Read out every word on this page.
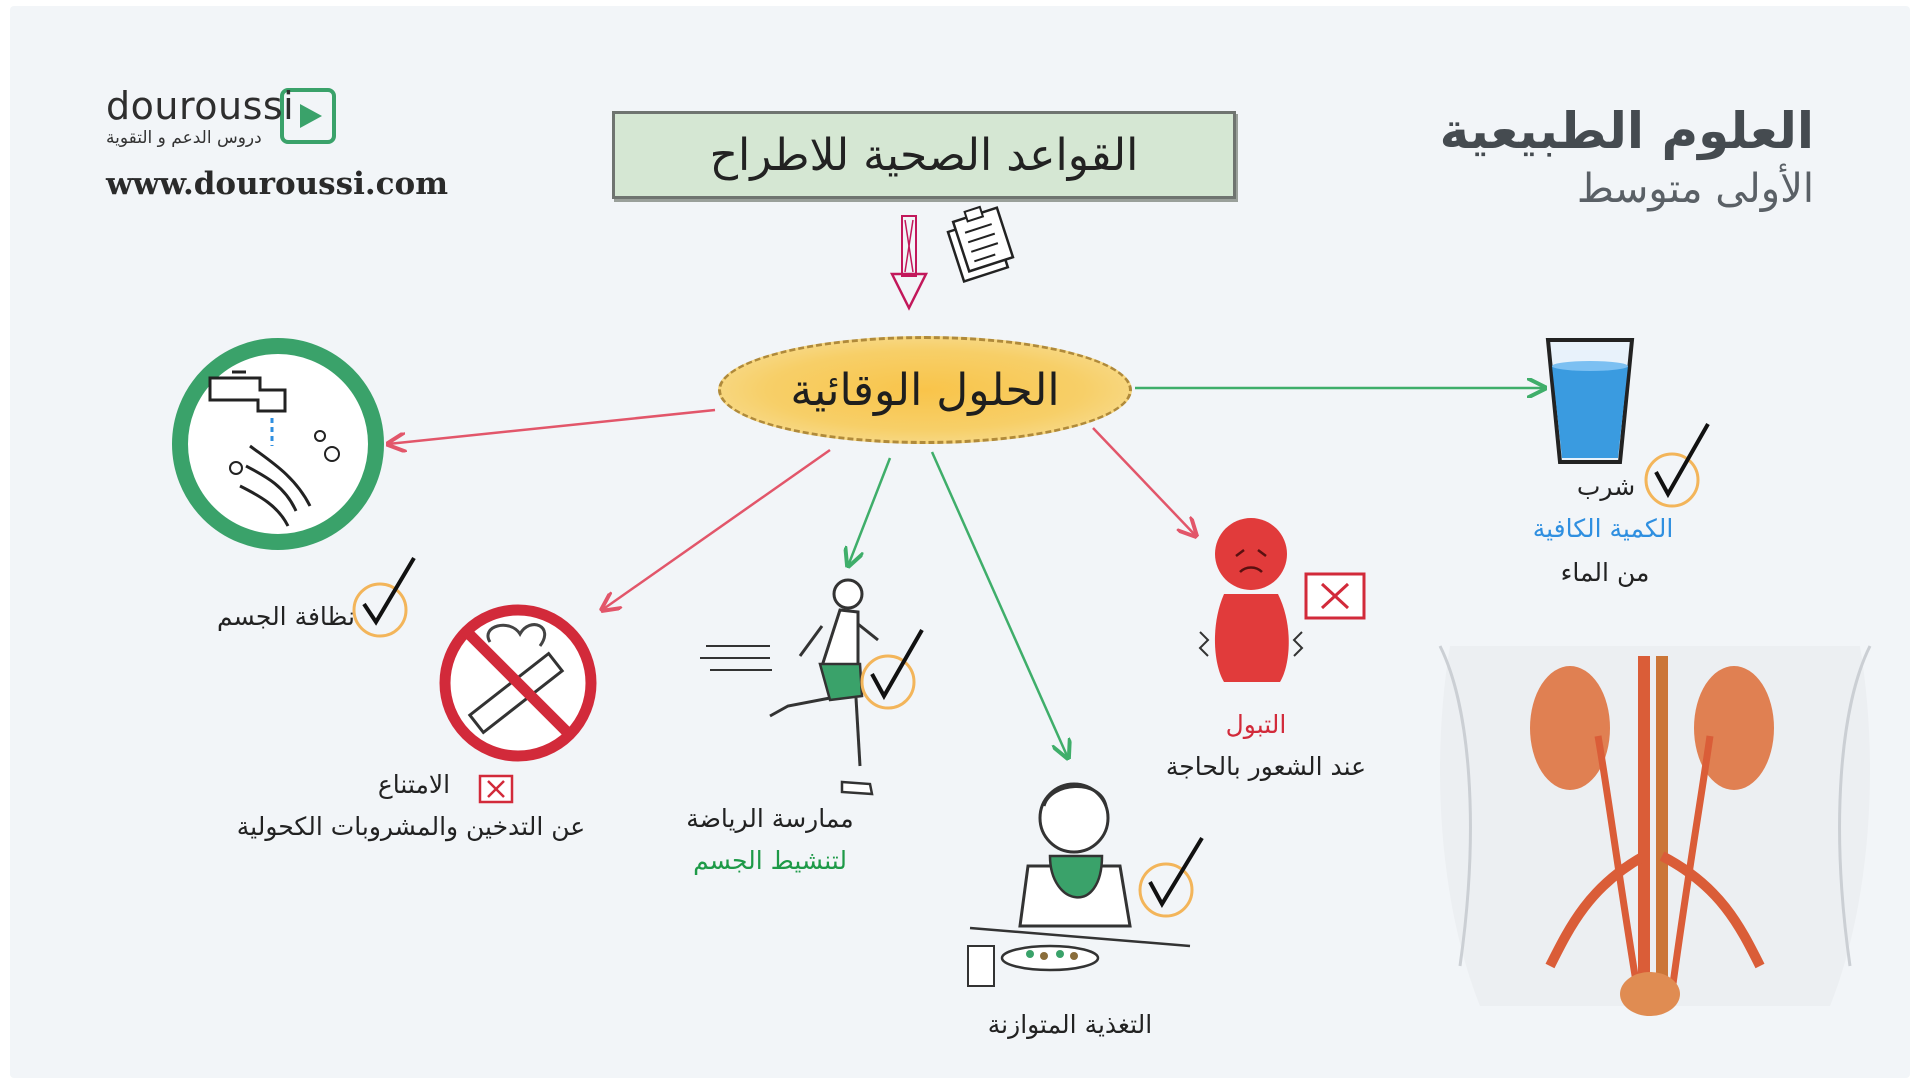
douroussi
دروس الدعم و التقوية
www.douroussi.com
العلوم الطبيعية
الأولى متوسط
القواعد الصحية للاطراح
الحلول الوقائية
نظافة الجسم
الامتناع
عن التدخين والمشروبات الكحولية	ممارسة الرياضة
لتنشيط الجسم
التغذية المتوازنة
التبول
عند الشعور بالحاجة
شرب
الكمية الكافية
من الماء
